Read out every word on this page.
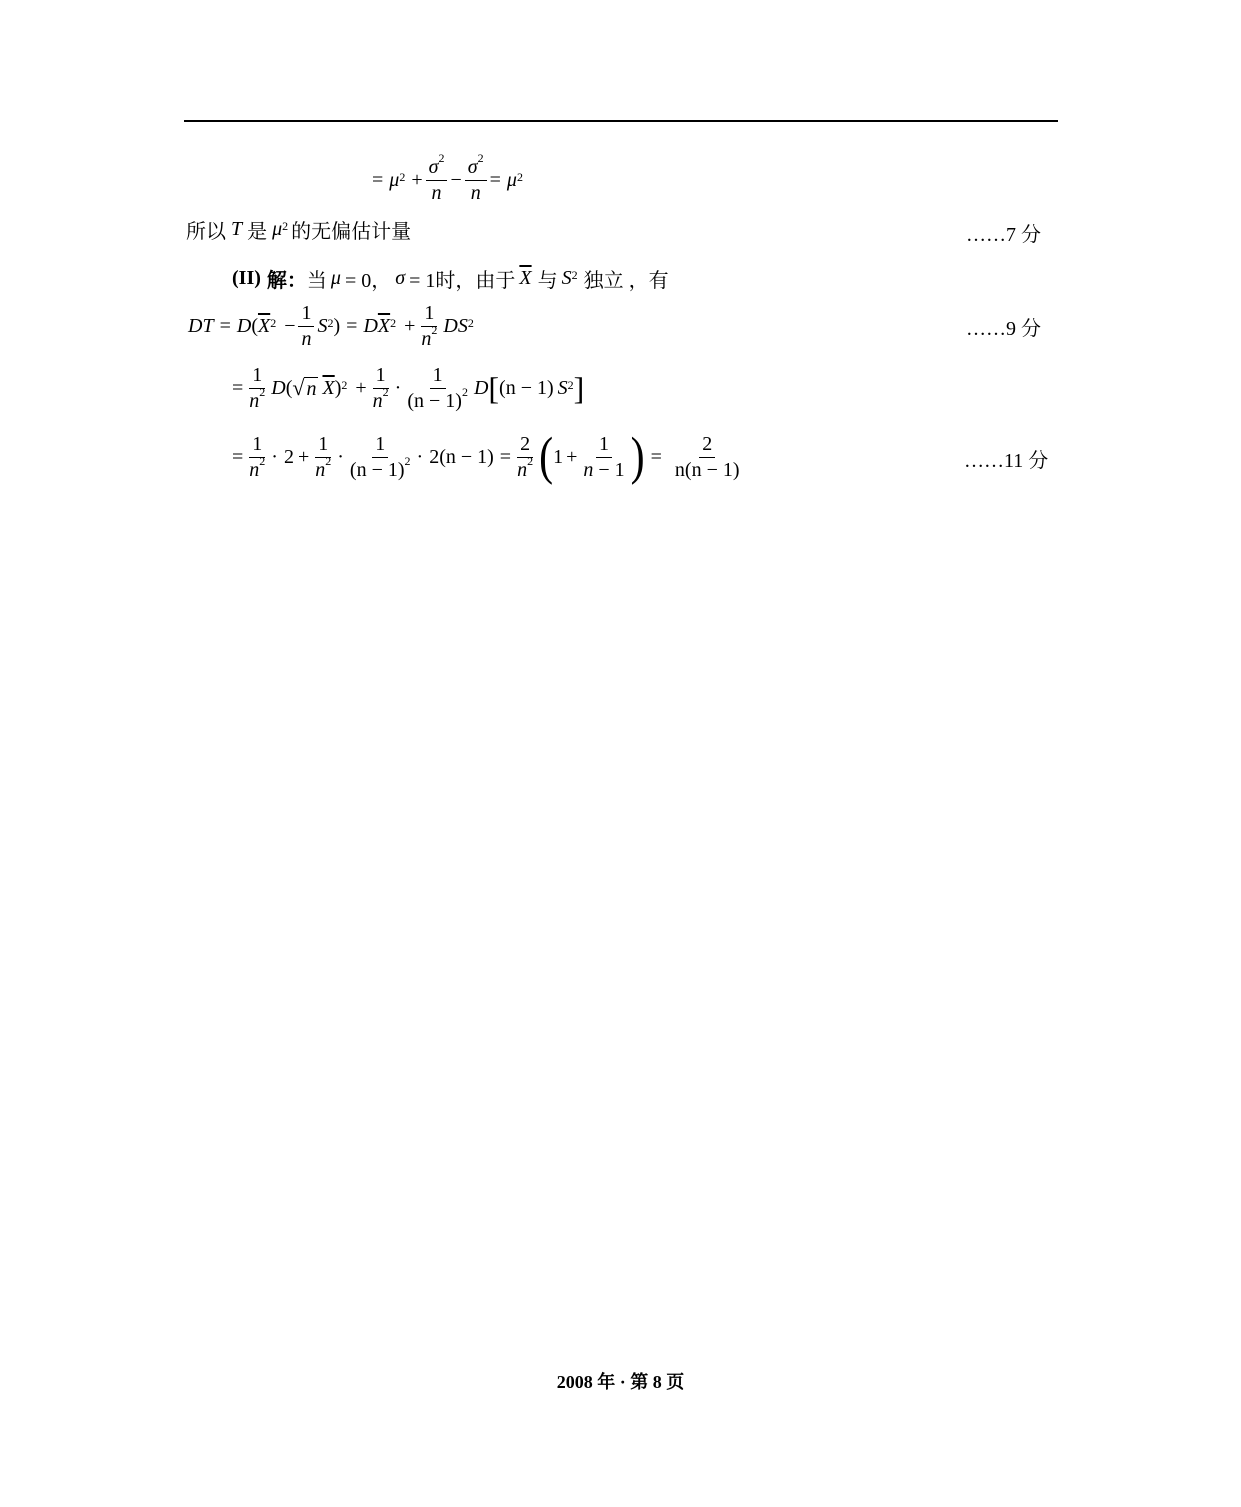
= $\mu^2 + \frac{\sigma^2}{n} - \frac{\sigma^2}{n} = \mu^2$
所以 T 是 $\mu^2$ 的无偏估计量	……7 分
(II) 解： 当 μ = 0， σ = 1时，由于 $\overline{X}$ 与 $S^2$ 独立 ，有
DT = D ( $\overline{X}^2 - \frac{1}{n} S^2$ ) = D $\overline{X}^2 + \frac{1}{n^2}$ D $S^2$	……9 分
= $\frac{1}{n^2}$ D ( √ n $\overline{X}$ )$^2 + \frac{1}{n^2} \cdot \frac{1}{(n - 1)^2}$ D [ (n − 1) $S^2$ ]
= $\frac{1}{n^2} \cdot 2 + \frac{1}{n^2} \cdot \frac{1}{(n - 1)^2} \cdot 2(n - 1) = \frac{2}{n^2}$ ( $1 + \frac{1}{n - 1}$ ) = $\frac{2}{n(n - 1)}$	……11 分
2008 年 · 第 8 页
